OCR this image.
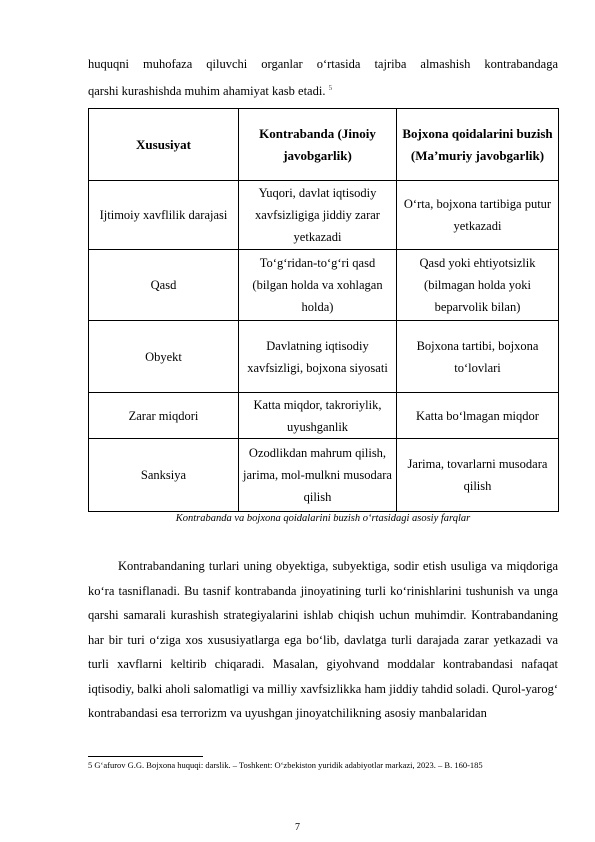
huquqni muhofaza qiluvchi organlar o‘rtasida tajriba almashish kontrabandaga
qarshi kurashishda muhim ahamiyat kasb etadi. $^5$
Xususiyat	Kontrabanda (Jinoiy javobgarlik)	Bojxona qoidalarini buzish (Ma’muriy javobgarlik)
Ijtimoiy xavflilik darajasi	Yuqori, davlat iqtisodiy xavfsizligiga jiddiy zarar yetkazadi	O‘rta, bojxona tartibiga putur yetkazadi
Qasd	To‘g‘ridan-to‘g‘ri qasd (bilgan holda va xohlagan holda)	Qasd yoki ehtiyotsizlik (bilmagan holda yoki beparvolik bilan)
Obyekt	Davlatning iqtisodiy xavfsizligi, bojxona siyosati	Bojxona tartibi, bojxona to‘lovlari
Zarar miqdori	Katta miqdor, takroriylik, uyushganlik	Katta bo‘lmagan miqdor
Sanksiya	Ozodlikdan mahrum qilish, jarima, mol-mulkni musodara qilish	Jarima, tovarlarni musodara qilish
Kontrabanda va bojxona qoidalarini buzish o‘rtasidagi asosiy farqlar
Kontrabandaning turlari uning obyektiga, subyektiga, sodir etish usuliga va miqdoriga ko‘ra tasniflanadi. Bu tasnif kontrabanda jinoyatining turli ko‘rinishlarini tushunish va unga qarshi samarali kurashish strategiyalarini ishlab chiqish uchun muhimdir. Kontrabandaning har bir turi o‘ziga xos xususiyatlarga ega bo‘lib, davlatga turli darajada zarar yetkazadi va turli xavflarni keltirib chiqaradi. Masalan, giyohvand moddalar kontrabandasi nafaqat iqtisodiy, balki aholi salomatligi va milliy xavfsizlikka ham jiddiy tahdid soladi. Qurol-yarog‘ kontrabandasi esa terrorizm va uyushgan jinoyatchilikning asosiy manbalaridan
5 G‘afurov G.G. Bojxona huquqi: darslik. – Toshkent: O‘zbekiston yuridik adabiyotlar markazi, 2023. – B. 160-185
7
